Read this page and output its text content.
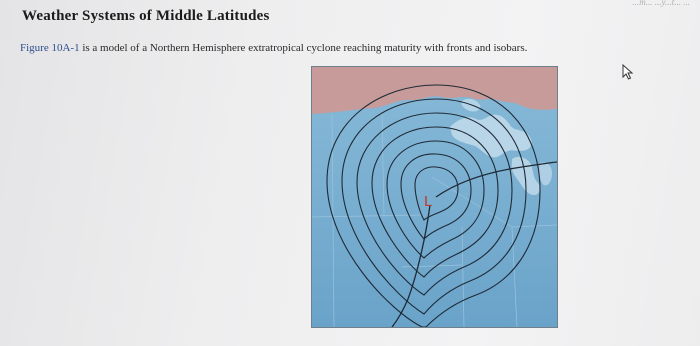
...m... ...y...t... ...
Weather Systems of Middle Latitudes
Figure 10A-1 is a model of a Northern Hemisphere extratropical cyclone reaching maturity with fronts and isobars.
L
